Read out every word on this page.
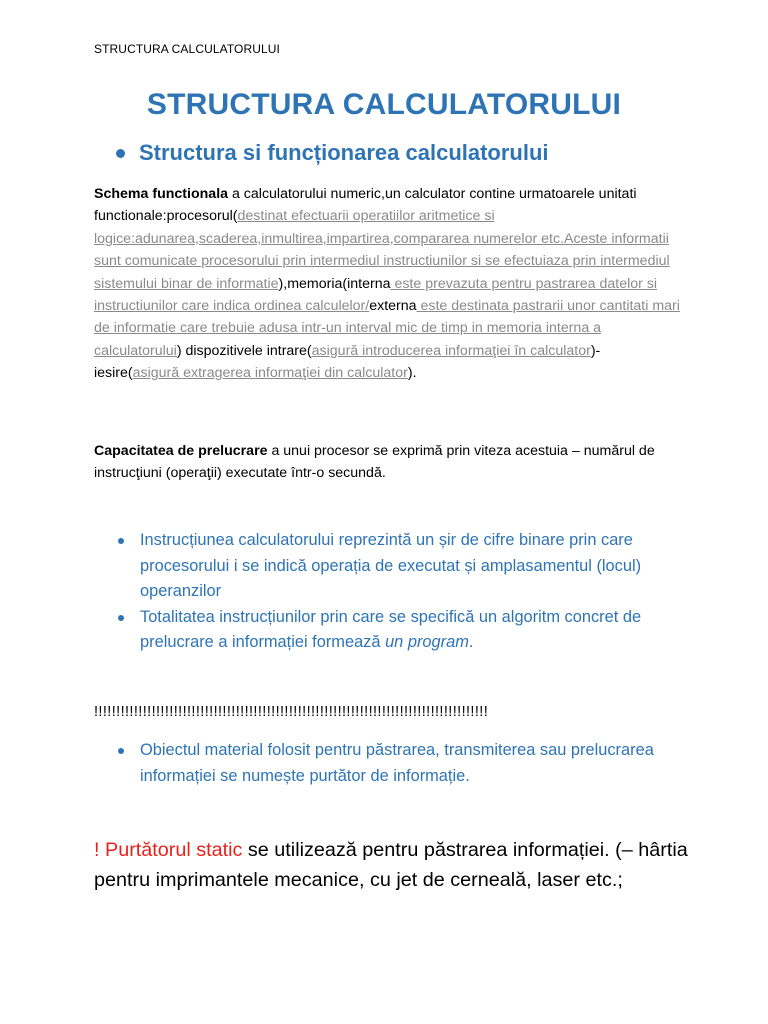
STRUCTURA CALCULATORULUI
STRUCTURA CALCULATORULUI
Structura si funcționarea calculatorului
Schema functionala a calculatorului numeric,un calculator contine urmatoarele unitati functionale:procesorul(destinat efectuarii operatiilor aritmetice si logice:adunarea,scaderea,inmultirea,impartirea,compararea numerelor etc.Aceste informatii sunt comunicate procesorului prin intermediul instructiunilor si se efectuiaza prin intermediul sistemului binar de informatie),memoria(interna este prevazuta pentru pastrarea datelor si instructiunilor care indica ordinea calculelor/externa este destinata pastrarii unor cantitati mari de informatie care trebuie adusa intr-un interval mic de timp in memoria interna a calculatorului) dispozitivele intrare(asigură introducerea informaţiei în calculator)-iesire(asigură extragerea informaţiei din calculator).
Capacitatea de prelucrare a unui procesor se exprimă prin viteza acestuia – numărul de instrucţiuni (operaţii) executate într-o secundă.
Instrucțiunea calculatorului reprezintă un șir de cifre binare prin care procesorului i se indică operația de executat și amplasamentul (locul) operanzilor
Totalitatea instrucțiunilor prin care se specifică un algoritm concret de prelucrare a informației formează un program.
!!!!!!!!!!!!!!!!!!!!!!!!!!!!!!!!!!!!!!!!!!!!!!!!!!!!!!!!!!!!!!!!!!!!!!!!!!!!!!!!!!!!!!!!!
Obiectul material folosit pentru păstrarea, transmiterea sau prelucrarea informației se numește purtător de informație.
! Purtătorul static se utilizează pentru păstrarea informației. (– hârtia pentru imprimantele mecanice, cu jet de cerneală, laser etc.;
